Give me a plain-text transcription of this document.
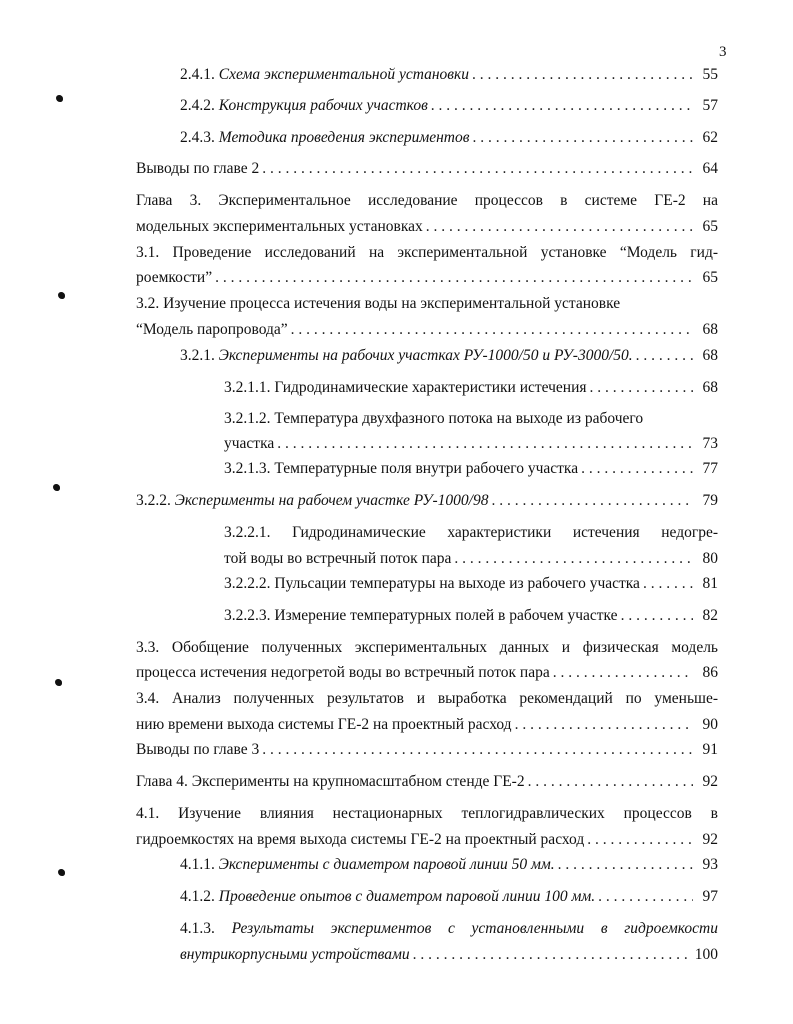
3
2.4.1.
Схема экспериментальной установки . . .	55
2.4.2.
Конструкция рабочих участков . . .	57
2.4.3.
Методика проведения экспериментов . . .	62
Выводы по главе 2 . . .	64
Глава 3. Экспериментальное исследование процессов в системе ГЕ-2 на
модельных экспериментальных установках . . .	65
3.1. Проведение исследований на экспериментальной установке “Модель гид-
роемкости” . . .	65
3.2. Изучение процесса истечения воды на экспериментальной установке
“Модель паропровода” . . .	68
3.2.1.
Эксперименты на рабочих участках РУ-1000/50 и РУ-3000/50. . . .	68
3.2.1.1. Гидродинамические характеристики истечения . . .	68
3.2.1.2. Температура двухфазного потока на выходе из рабочего
участка . . .	73
3.2.1.3. Температурные поля внутри рабочего участка . . .	77
3.2.2.
Эксперименты на рабочем участке РУ-1000/98 . . .	79
3.2.2.1. Гидродинамические характеристики истечения недогре-
той воды во встречный поток пара . . .	80
3.2.2.2. Пульсации температуры на выходе из рабочего участка . . .	81
3.2.2.3. Измерение температурных полей в рабочем участке . . .	82
3.3. Обобщение полученных экспериментальных данных и физическая модель
процесса истечения недогретой воды во встречный поток пара . . .	86
3.4. Анализ полученных результатов и выработка рекомендаций по уменьше-
нию времени выхода системы ГЕ-2 на проектный расход . . .	90
Выводы по главе 3 . . .	91
Глава 4. Эксперименты на крупномасштабном стенде ГЕ-2 . . .	92
4.1. Изучение влияния нестационарных теплогидравлических процессов в
гидроемкостях на время выхода системы ГЕ-2 на проектный расход . . .	92
4.1.1.
Эксперименты с диаметром паровой линии 50 мм. . . .	93
4.1.2.
Проведение опытов с диаметром паровой линии 100 мм. . . .	97
4.1.3. Результаты экспериментов с установленными в гидроемкости
внутрикорпусными устройствами . . .	100
